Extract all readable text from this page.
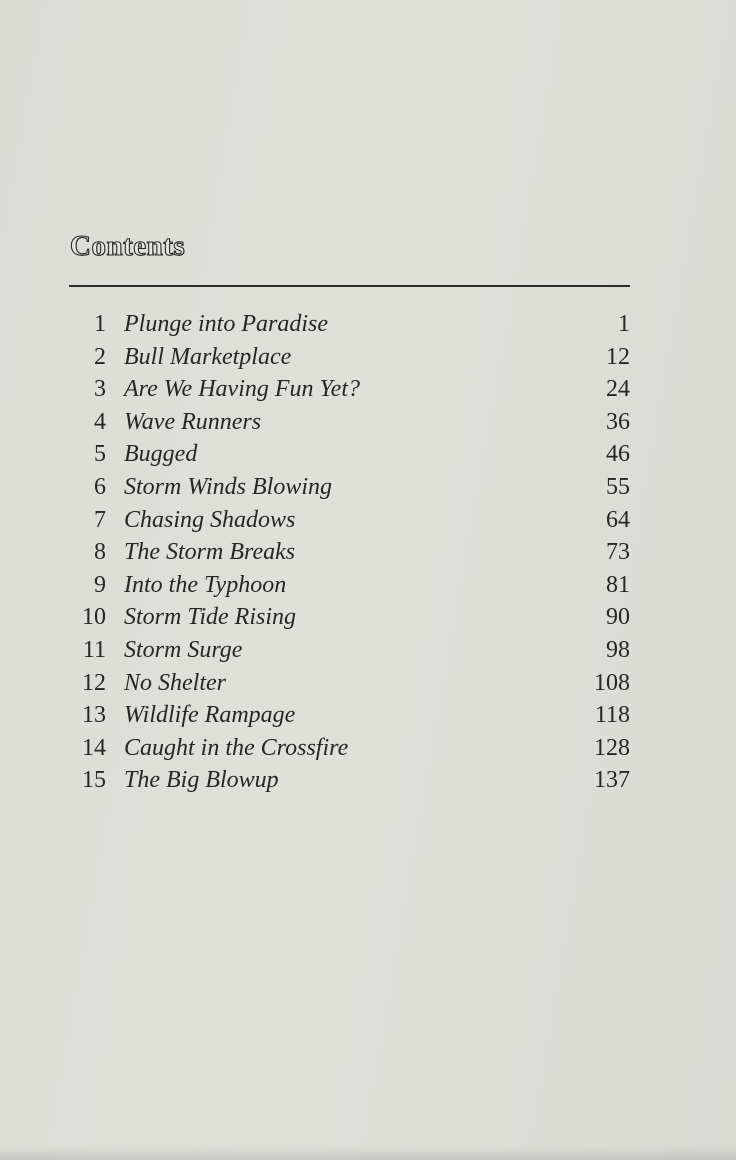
Contents
1 Plunge into Paradise	1
2 Bull Marketplace	12
3 Are We Having Fun Yet?	24
4 Wave Runners	36
5 Bugged	46
6 Storm Winds Blowing	55
7 Chasing Shadows	64
8 The Storm Breaks	73
9 Into the Typhoon	81
10 Storm Tide Rising	90
11 Storm Surge	98
12 No Shelter	108
13 Wildlife Rampage	118
14 Caught in the Crossfire	128
15 The Big Blowup	137
